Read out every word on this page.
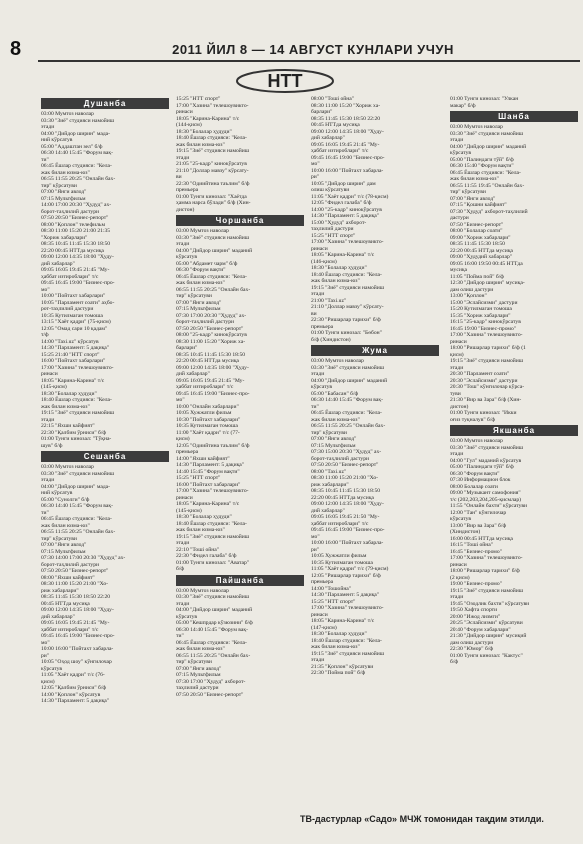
8	2011 ЙИЛ 8 — 14 АВГУСТ КУНЛАРИ УЧУН
НТТ
Душанба
03:00 Мумтоз наволар
03:30 "Зиё" студияси намойиш
этади
04:00 "Дийдор ширин" мада-
ний кўрсатув
05:00 "Аддаштан зел" б/ф
06:30 14:40 15:45 "Форум вақ-
ти"
06:45 Ёшлар студияси: "Кела-
жак билан юзма-юз"
06:55 11:55 20:25 "Онлайн бах-
тир" кўрсатуви
07:00 "Янги авлод"
07:15 Мультфильм
14:00 17:00 20:30 "Ҳудуд" ах-
борот-таҳлилий дастури
07:50 20:50 "Бизнес-репорт"
08:00 "Қоплон" телефильм
08:30 11:00 15:20 21:00 21:35
"Хориж хабарлари"
08:35 10:45 11:45 15:30 18:50
22:20 00:45 НТТда мусиқа
09:00 12:00 14:35 18:00 "Ҳуду-
дий хабарлар"
09:05 16:05 19:45 21:45 "Му-
ҳаббат изтироблари" т/с
09:45 16:45 19:00 "Бизнес-про-
мо"
10:00 "Пойтахт хабарлари"
10:05 "Парламент соати" аҳбо-
рот-таҳлилий дастури
10:35 Кутилмаган томоша
13:15 "Хаёт қадри" (75-қисм)
12:05 "Омад сари 10 қадам"
т/ф
14:00 "Taxi.uz" кўрсатув
14:30 "Парламент: 5 дақиқа"
15:25 21:40 "НТТ спорт"
16:00 "Пойтахт хабарлари"
17:00 "Хазина" телешоувикто-
ринаси
18:05 "Карина-Карина" т/с
(145-қисм)
18:30 "Болалар ҳудуди"
18:40 Ёшлар студияси: "Кела-
жак билан юзма-юз"
19:15 "Зиё" студияси намойиш
этади
22:15 "Яхши кайфият"
22:30 "Қалбим ўрниси" б/ф
01:00 Тунги кинозал: "Тўқна-
шув" б/ф
Сешанба
03:00 Мумтоз наволар
03:30 "Зиё" студияси намойиш
этади
04:00 "Дийдор ширин" мада-
ний кўрсатув
05:00 "Сунолги" б/ф
06:30 14:40 15:45 "Форум вақ-
ти"
06:45 Ёшлар студияси: "Кела-
жак билан юзма-юз"
06:55 11:55 20:25 "Онлайн бах-
тир" кўрсатуви
07:00 "Янги авлод"
07:15 Мультфильм
07:30 14:00 17:00 20:30 "Ҳудуд" ах-
борот-таҳлилий дастури
07:50 20:50 "Бизнес-репорт"
08:00 "Яхши кайфият"
08:30 11:00 15:20 21:00 "Хо-
риж хабарлари"
08:35 11:45 15:30 18:50 22:20
00:45 НТТда мусиқа
09:00 12:00 14:35 18:00 "Ҳуду-
дий хабарлар"
09:05 16:05 19:45 21:45 "Му-
ҳаббат изтироблари" т/с
09:45 16:45 19:00 "Бизнес-про-
мо"
10:00 16:00 "Пойтахт хабарла-
ри"
10:05 "Оҳод шоу" кўнгилочар
кўрсатув
11:05 "Хаёт қадри" т/с (76-
қисм)
12:05 "Қалбим ўрниси" б/ф
14:00 "Қоплон" кўрсатув
14:30 "Парламент: 5 дақиқа"
15:25 "НТТ спорт"
17:00 "Хазина" телешоувикто-
ринаси
18:05 "Карина-Карина" т/с
(144-қисм)
18:30 "Болалар ҳудуди"
18:40 Ёшлар студияси: "Кела-
жак билан юзма-юз"
19:15 "Зиё" студияси намойиш
этади
21:05 "25-кадр" кинокўрсатув
21:10 "Доллар мавзу" кўрсату-
ви
22:30 "Одиийтина таълим" б/ф
премьера
01:00 Тунги кинозал: "Хаётда
ҳамма нарса бўлади" б/ф (Хин-
дистон)
Чоршанба
03:00 Мумтоз наволар
03:30 "Зиё" студияси намойиш
этади
04:00 "Дийдор ширин" маданий
кўрсатув
05:00 "Абдамет чарм" б/ф
06:30 "Форум вақти"
06:45 Ёшлар студияси: "Кела-
жак билан юзма-юз"
06:55 11:55 20:25 "Онлайн бах-
тир" кўрсатуви
07:00 "Янги авлод"
07:15 Мультфильм
07:30 17:00 20:30 "Ҳудуд" ах-
борот-таҳлилий дастури
07:50 20:50 "Бизнес-репорт"
08:00 "25-кадр" кинокўрсатув
08:30 11:00 15:20 "Хориж ха-
барлари"
08:35 10:45 11:45 15:30 18:50
22:20 00:45 НТТда мусиқа
09:00 12:00 14:35 18:00 "Ҳуду-
дий хабарлар"
09:05 16:05 19:45 21:45 "Му-
ҳаббат изтироблари" т/с
09:45 16:45 19:00 "Бизнес-про-
мо"
10:00 "Онлайн хабарлари"
10:05 Хужжатли фильм
10:30 "Пойтахт хабарлари"
10:35 Кутилмаган томоша
11:00 "Хаёт қадри" т/с (77-
қисм)
12:05 "Одиийтина таълим" б/ф
премьера
14:00 "Яхши кайфият"
14:30 "Парламент: 5 дақиқа"
14:40 15:45 "Форум вақти"
15:25 "НТТ спорт"
16:00 "Пойтахт хабарлари"
17:00 "Хазина" телешоувикто-
ринаси
18:05 "Карина-Карина" т/с
(145-қисм)
18:30 "Болалар ҳудуди"
18:40 Ёшлар студияси: "Кела-
жак билан юзма-юз"
19:15 "Зиё" студияси намойиш
этади
22:10 "Тоші ойна"
22:30 "Фидел галаба" б/ф
01:00 Тунги кинозал: "Аватар"
б/ф
Пайшанба
03:00 Мумтоз наволар
03:30 "Зиё" студияси намойиш
этади
04:00 "Дийдор ширин" маданий
кўрсатув
05:00 "Кешпрдар кўзюзини" б/ф
06:30 14:40 15:45 "Форум вақ-
ти"
06:45 Ёшлар студияси: "Кела-
жак билан юзма-юз"
06:55 11:55 20:25 "Онлайн бах-
тир" кўрсатуви
07:00 "Янги авлод"
07:15 Мультфильм
07:30 17:00 "Ҳудуд" ахборот-
таҳлилий дастури
07:50 20:50 "Бизнес-репорт"
08:00 "Тоші ойна"
08:30 11:00 15:20 "Хориж ха-
барлари"
08:35 11:45 15:30 18:50 22:20
00:45 НТТда мусиқа
09:00 12:00 14:35 18:00 "Ҳуду-
дий хабарлар"
09:05 16:05 19:45 21:45 "Му-
ҳаббат изтироблари" т/с
09:45 16:45 19:00 "Бизнес-про-
мо"
10:00 16:00 "Пойтахт хабарла-
ри"
10:05 "Дийдор ширин" дам
олиш кўрсатуви
11:05 "Хаёт қадри" т/с (78-қисм)
12:05 "Фидел галаба" б/ф
14:00 "25-кадр" кинокўрсатув
14:30 "Парламент: 5 дақиқа"
15:00 "Ҳудуд" ахборот-
таҳлилий дастури
15:25 "НТТ спорт"
17:00 "Хазина" телешоувикто-
ринаси
18:05 "Карина-Карина" т/с
(146-қисм)
18:30 "Болалар ҳудуди"
18:40 Ёшлар студияси: "Кела-
жак билан юзма-юз"
19:15 "Зиё" студияси намойиш
этади
21:00 "Taxi.uz"
21:10 "Доллар мавзу" кўрсату-
ви
22:30 "Ришарлар тарихи" б/ф
премьера
01:00 Тунги кинозал: "Бөбон"
б/ф (Хиндистон)
Жума
03:00 Мумтоз наволар
03:30 "Зиё" студияси намойиш
этади
04:00 "Дийдор ширин" маданий
кўрсатув
05:00 "Бабасан" б/ф
06:30 14:40 15:45 "Форум вақ-
ти"
06:45 Ёшлар студияси: "Кела-
жак билан юзма-юз"
06:55 11:55 20:25 "Онлайн бах-
тир" кўрсатуви
07:00 "Янги авлод"
07:15 Мультфильм
07:30 15:00 20:30 "Ҳудуд" ах-
борот-таҳлилий дастури
07:50 20:50 "Бизнес-репорт"
08:00 "Taxi.uz"
08:30 11:00 15:20 21:00 "Хо-
риж хабарлари"
08:35 10:45 11:45 15:30 18:50
22:20 00:45 НТТда мусиқа
09:00 12:00 14:35 18:00 "Ҳуду-
дий хабарлар"
09:05 16:05 19:45 21:50 "Му-
ҳаббат изтироблари" т/с
09:45 16:45 19:00 "Бизнес-про-
мо"
10:00 16:00 "Пойтахт хабарла-
ри"
10:05 Хужжатли фильм
10:35 Кутилмаган томоша
11:05 "Хаёт қадри" т/с (79-қисм)
12:05 "Ришарлар тарихи" б/ф
премьера
14:00 "Тошойна"
14:30 "Парламент: 5 дақиқа"
15:25 "НТТ спорт"
17:00 "Хазина" телешоувикто-
ринаси
18:05 "Карина-Карина" т/с
(147-қисм)
18:30 "Болалар ҳудуди"
18:40 Ёшлар студияси: "Кела-
жак билан юзма-юз"
19:15 "Зиё" студияси намойиш
этади
21:35 "Қоплон" кўрсатуви
22:30 "Пойма пой" б/ф
01:00 Тунги кинозал: "Улкан
макар" б/ф
Шанба
03:00 Мумтоз наволар
03:30 "Зиё" студияси намойиш
этади
04:00 "Дийдор ширин" маданий
кўрсатув
05:00 "Палиндаги тўй" б/ф
06:30 15:40 "Форум вақти"
06:45 Ёшлар студияси: "Кела-
жак билан юзма-юз"
06:55 11:55 19:45 "Онлайн бах-
тир" кўрсатуви
07:00 "Янги авлод"
07:15 "Қошни кайфият"
07:30 "Ҳудуд" ахборот-таҳлилий
дастури
07:50 "Бизнес-репорт"
08:00 "Болалар соати"
09:00 "Хориж хабарлари"
08:35 11:45 15:30 18:50
22:20 00:45 НТТда мусиқа
09:00 "Ҳудудий хабарлар"
09:05 16:00 19:50 00:45 НТТда
мусиқа
11:05 "Пойма пой" б/ф
12:30 "Дийдор ширин" мусиқа-
дам олиш дастури
13:00 "Қоплон"
15:00 "Эслайсизми" дастури
15:20 Кутилмаган томоша
15:35 "Хориж хабарлари"
16:15 "25-кадр" кинокўрсатув
16:45 19:00 "Бизнес-промо"
17:00 "Хазина" телешоувикто-
ринаси
18:00 "Ришарлар тарихи" б/ф (1
қисм)
19:15 "Зиё" студияси намойиш
этади
20:30 "Парламент соати"
20:30 "Эслайсизми" дастури
20:30 "Тош" кўнгилочар кўрса-
туви
21:30 "Вир ва Зара" б/ф (Хин-
дистон)
01:00 Тунги кинозал: "Икки
оғиз туқналув" б/ф
Якшанба
03:00 Мумтоз наволар
03:30 "Зиё" студияси намойиш
этади
04:00 "Гул" маданий кўрсатув
05:00 "Палиндаги тўй" б/ф
06:30 "Форум вақти"
07:30 Информацион блок
08:00 Болалар соати
09:00 "Музыкант самофония"
т/с (202,203,204,205-қисмлар)
11:55 "Онлайн бахти" кўрсатуви
12:00 "Тан" кўнгилочар
кўрсатув
13:00 "Вир ва Зара" б/ф
(Хиндистон)
16:00 00:45 НТТда мусиқа
16:15 "Тоші ойна"
16:45 "Бизнес-промо"
17:00 "Хазина" телешоувикто-
ринаси
18:00 "Ришарлар тарихи" б/ф
(2 қисм)
19:00 "Бизнес-промо"
19:15 "Зиё" студияси намойиш
этади
19:45 "Озодлик бахти" кўрсатуви
19:50 Хафта спорти
20:00 "Ижод лизмги"
20:25 "Эслайсизми" кўрсатуви
20:40 "Форум хабарлари"
21:30 "Дийдор ширин" мусиқий
дам олиш дастури
22:30 "Юмор" б/ф
01:00 Тунги кинозал: "Кактус"
б/ф
ТВ-дастурлар «Садо» МЧЖ томонидан тақдим этилди.
